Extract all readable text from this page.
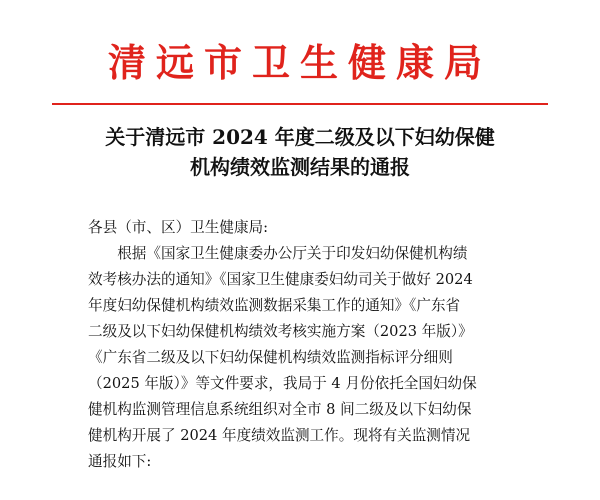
清远市卫生健康局
关于清远市 2024 年度二级及以下妇幼保健
机构绩效监测结果的通报
各县（市、区）卫生健康局:
　　根据《国家卫生健康委办公厅关于印发妇幼保健机构绩
效考核办法的通知》《国家卫生健康委妇幼司关于做好 2024
年度妇幼保健机构绩效监测数据采集工作的通知》《广东省
二级及以下妇幼保健机构绩效考核实施方案（2023 年版）》
《广东省二级及以下妇幼保健机构绩效监测指标评分细则
（2025 年版）》等文件要求，我局于 4 月份依托全国妇幼保
健机构监测管理信息系统组织对全市 8 间二级及以下妇幼保
健机构开展了 2024 年度绩效监测工作。现将有关监测情况
通报如下:
